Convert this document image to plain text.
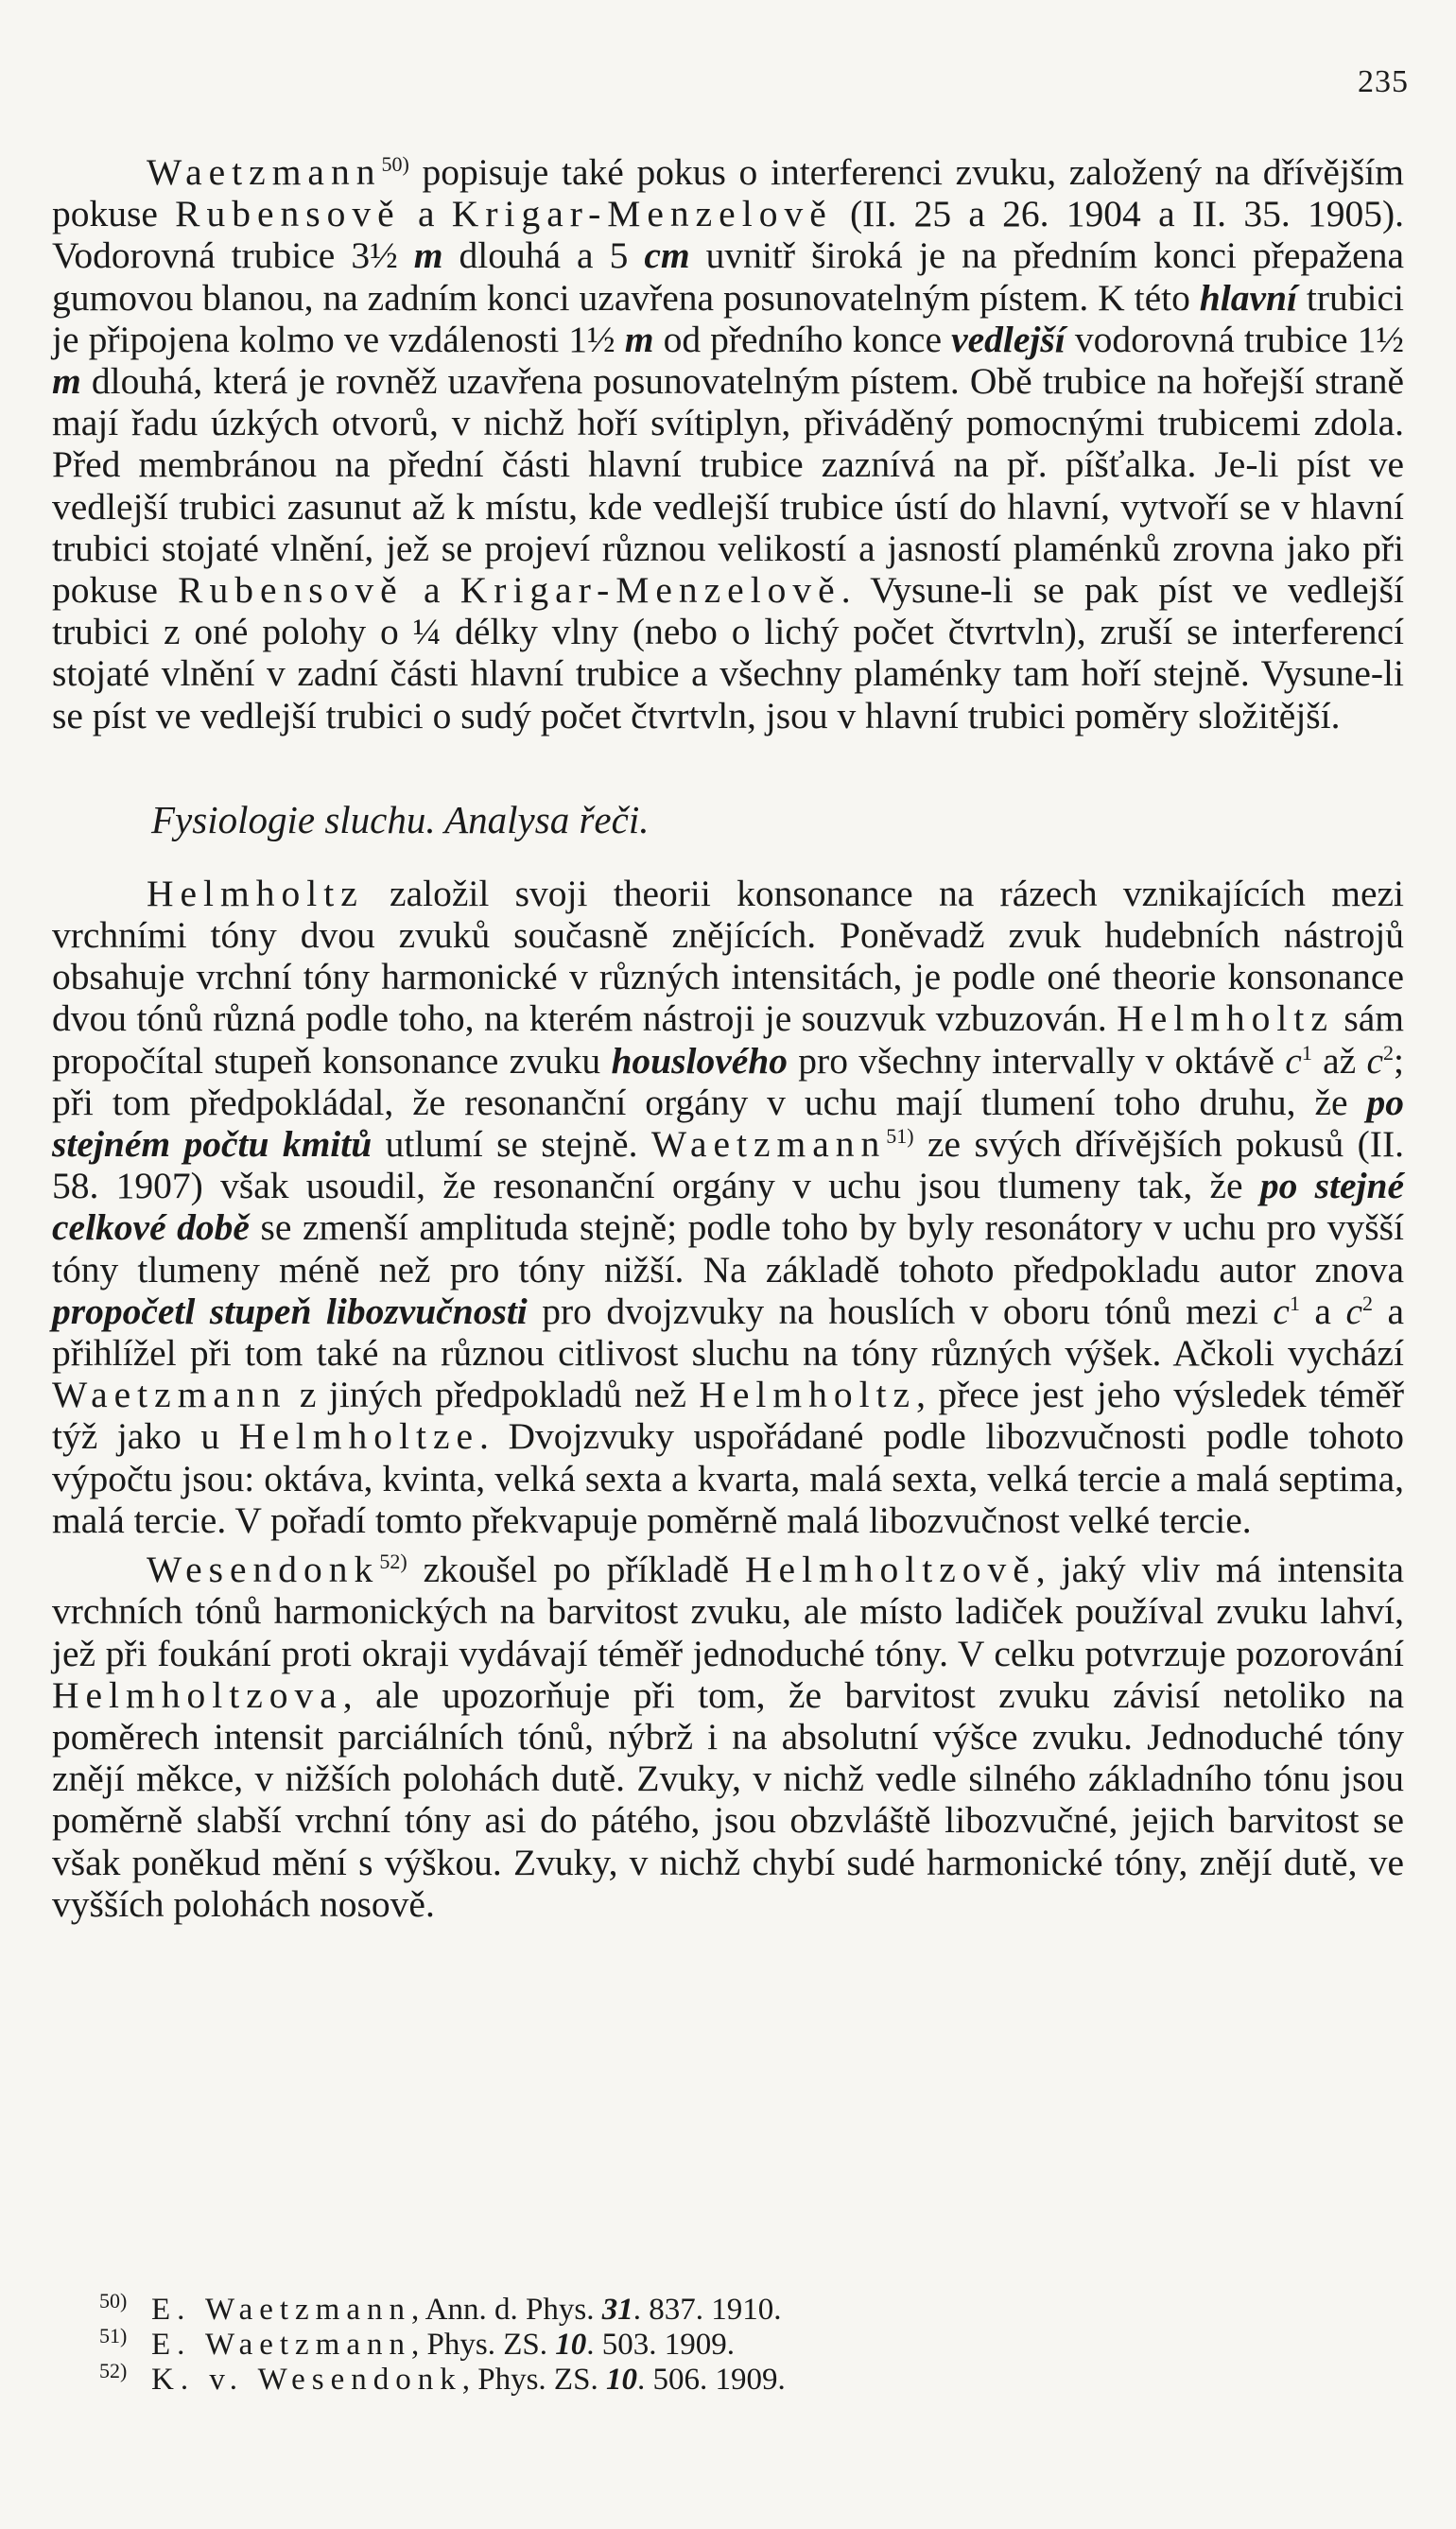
235

Waetzmann$^{50)}$ popisuje také pokus o interferenci zvuku, založený na dřívějším pokuse Rubensově a Krigar-Menzelově (II. 25 a 26. 1904 a II. 35. 1905). Vodorovná trubice 3½ m dlouhá a 5 cm uvnitř široká je na předním konci přepažena gumovou blanou, na zadním konci uzavřena posunovatelným pístem. K této hlavní trubici je připojena kolmo ve vzdálenosti 1½ m od předního konce vedlejší vodorovná trubice 1½ m dlouhá, která je rovněž uzavřena posunovatelným pístem. Obě trubice na hořejší straně mají řadu úzkých otvorů, v nichž hoří svítiplyn, přiváděný pomocnými trubicemi zdola. Před membránou na přední části hlavní trubice zaznívá na př. píšťalka. Je-li píst ve vedlejší trubici zasunut až k místu, kde vedlejší trubice ústí do hlavní, vytvoří se v hlavní trubici stojaté vlnění, jež se projeví různou velikostí a jasností plaménků zrovna jako při pokuse Rubensově a Krigar-Menzelově. Vysune-li se pak píst ve vedlejší trubici z oné polohy o ¼ délky vlny (nebo o lichý počet čtvrtvln), zruší se interferencí stojaté vlnění v zadní části hlavní trubice a všechny plaménky tam hoří stejně. Vysune-li se píst ve vedlejší trubici o sudý počet čtvrtvln, jsou v hlavní trubici poměry složitější.

Fysiologie sluchu. Analysa řeči.

Helmholtz založil svoji theorii konsonance na rázech vznikajících mezi vrchními tóny dvou zvuků současně znějících. Poněvadž zvuk hudebních nástrojů obsahuje vrchní tóny harmonické v různých intensitách, je podle oné theorie konsonance dvou tónů různá podle toho, na kterém nástroji je souzvuk vzbuzován. Helmholtz sám propočítal stupeň konsonance zvuku houslového pro všechny intervally v oktávě $c^1$ až $c^2$; při tom předpokládal, že resonanční orgány v uchu mají tlumení toho druhu, že po stejném počtu kmitů utlumí se stejně. Waetzmann$^{51)}$ ze svých dřívějších pokusů (II. 58. 1907) však usoudil, že resonanční orgány v uchu jsou tlumeny tak, že po stejné celkové době se zmenší amplituda stejně; podle toho by byly resonátory v uchu pro vyšší tóny tlumeny méně než pro tóny nižší. Na základě tohoto předpokladu autor znova propočetl stupeň libozvučnosti pro dvojzvuky na houslích v oboru tónů mezi $c^1$ a $c^2$ a přihlížel při tom také na různou citlivost sluchu na tóny různých výšek. Ačkoli vychází Waetzmann z jiných předpokladů než Helmholtz, přece jest jeho výsledek téměř týž jako u Helmholtze. Dvojzvuky uspořádané podle libozvučnosti podle tohoto výpočtu jsou: oktáva, kvinta, velká sexta a kvarta, malá sexta, velká tercie a malá septima, malá tercie. V pořadí tomto překvapuje poměrně malá libozvučnost velké tercie.

Wesendonk$^{52)}$ zkoušel po příkladě Helmholtzově, jaký vliv má intensita vrchních tónů harmonických na barvitost zvuku, ale místo ladiček používal zvuku lahví, jež při foukání proti okraji vydávají téměř jednoduché tóny. V celku potvrzuje pozorování Helmholtzova, ale upozorňuje při tom, že barvitost zvuku závisí netoliko na poměrech intensit parciálních tónů, nýbrž i na absolutní výšce zvuku. Jednoduché tóny znějí měkce, v nižších polohách dutě. Zvuky, v nichž vedle silného základního tónu jsou poměrně slabší vrchní tóny asi do pátého, jsou obzvláště libozvučné, jejich barvitost se však poněkud mění s výškou. Zvuky, v nichž chybí sudé harmonické tóny, znějí dutě, ve vyšších polohách nosově.

$^{50)}$ E. Waetzmann, Ann. d. Phys. 31. 837. 1910.
$^{51)}$ E. Waetzmann, Phys. ZS. 10. 503. 1909.
$^{52)}$ K. v. Wesendonk, Phys. ZS. 10. 506. 1909.
